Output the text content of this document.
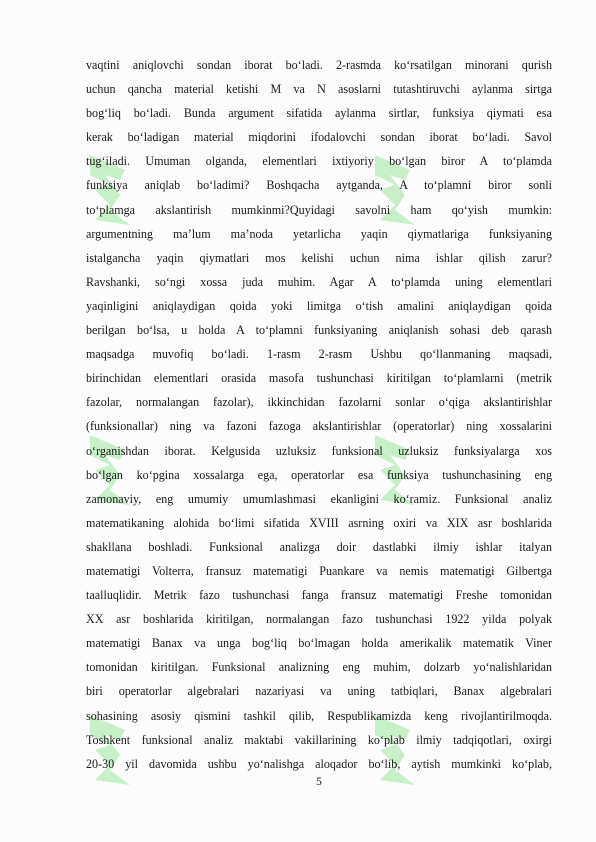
vaqtini aniqlovchi sondan iborat bo‘ladi. 2-rasmda ko‘rsatilgan minorani qurish
uchun qancha material ketishi M va N asoslarni tutashtiruvchi aylanma sirtga
bog‘liq bo‘ladi. Bunda argument sifatida aylanma sirtlar, funksiya qiymati esa
kerak bo‘ladigan material miqdorini ifodalovchi sondan iborat bo‘ladi. Savol
tug‘iladi. Umuman olganda, elementlari ixtiyoriy bo‘lgan biror A to‘plamda
funksiya aniqlab bo‘ladimi? Boshqacha aytganda, A to‘plamni biror sonli
to‘plamga akslantirish mumkinmi?Quyidagi savolni ham qo‘yish mumkin:
argumentning ma’lum ma’noda yetarlicha yaqin qiymatlariga funksiyaning
istalgancha yaqin qiymatlari mos kelishi uchun nima ishlar qilish zarur?
Ravshanki, so‘ngi xossa juda muhim. Agar A to‘plamda uning elementlari
yaqinligini aniqlaydigan qoida yoki limitga o‘tish amalini aniqlaydigan qoida
berilgan bo‘lsa, u holda A to‘plamni funksiyaning aniqlanish sohasi deb qarash
maqsadga muvofiq bo‘ladi. 1-rasm 2-rasm Ushbu qo‘llanmaning maqsadi,
birinchidan elementlari orasida masofa tushunchasi kiritilgan to‘plamlarni (metrik
fazolar, normalangan fazolar), ikkinchidan fazolarni sonlar o‘qiga akslantirishlar
(funksionallar) ning va fazoni fazoga akslantirishlar (operatorlar) ning xossalarini
o‘rganishdan iborat. Kelgusida uzluksiz funksional uzluksiz funksiyalarga xos
bo‘lgan ko‘pgina xossalarga ega, operatorlar esa funksiya tushunchasining eng
zamonaviy, eng umumiy umumlashmasi ekanligini ko‘ramiz. Funksional analiz
matematikaning alohida bo‘limi sifatida XVIII asrning oxiri va XIX asr boshlarida
shakllana boshladi. Funksional analizga doir dastlabki ilmiy ishlar italyan
matematigi Volterra, fransuz matematigi Puankare va nemis matematigi Gilbertga
taalluqlidir. Metrik fazo tushunchasi fanga fransuz matematigi Freshe tomonidan
XX asr boshlarida kiritilgan, normalangan fazo tushunchasi 1922 yilda polyak
matematigi Banax va unga bog‘liq bo‘lmagan holda amerikalik matematik Viner
tomonidan kiritilgan. Funksional analizning eng muhim, dolzarb yo‘nalishlaridan
biri operatorlar algebralari nazariyasi va uning tatbiqlari, Banax algebralari
sohasining asosiy qismini tashkil qilib, Respublikamizda keng rivojlantirilmoqda.
Toshkent funksional analiz maktabi vakillarining ko‘plab ilmiy tadqiqotlari, oxirgi
20-30 yil davomida ushbu yo‘nalishga aloqador bo‘lib, aytish mumkinki ko‘plab,
5
